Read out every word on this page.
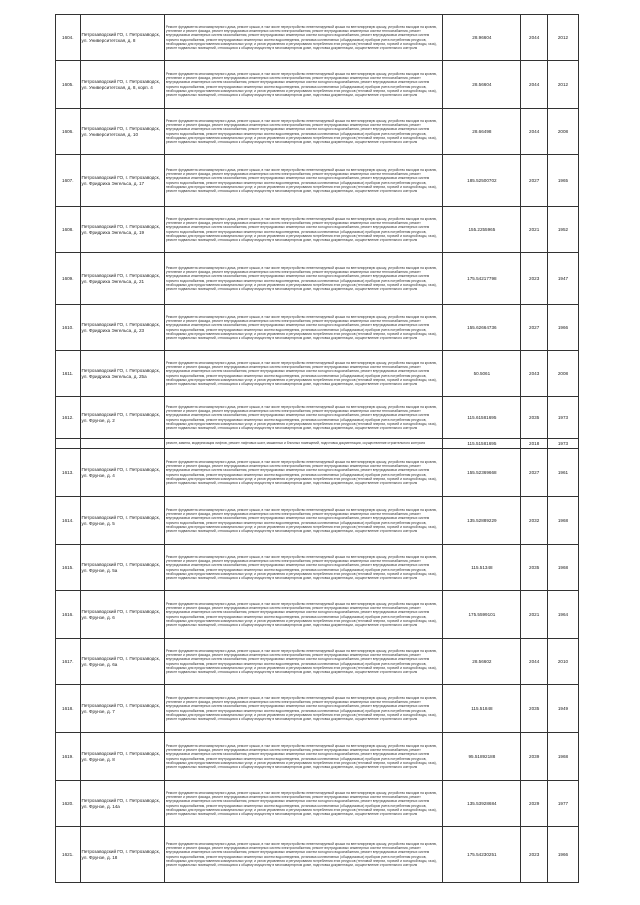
1604.	Петрозаводский ГО, г. Петрозаводск, ул. Университетская, д. 8	Ремонт фундамента многоквартирного дома, ремонт крыши, в том числе переустройство невентилируемой крыши на вентилируемую крышу, устройство выходов на кровлю, утепление и ремонт фасада, ремонт внутридомовых инженерных систем электроснабжения, ремонт внутридомовых инженерных систем теплоснабжения, ремонт внутридомовых инженерных систем газоснабжения, ремонт внутридомовых инженерных систем холодного водоснабжения, ремонт внутридомовых инженерных систем горячего водоснабжения, ремонт внутридомовых инженерных систем водоотведения, установка коллективных (общедомовых) приборов учета потребления ресурсов, необходимых для предоставления коммунальных услуг, и узлов управления и регулирования потребления этих ресурсов (тепловой энергии, горячей и холодной воды, газа), ремонт подвальных помещений, относящихся к общему имуществу в многоквартирном доме, подготовка документации, осуществление строительного контроля	28.96604	2044	2012
1605.	Петрозаводский ГО, г. Петрозаводск, ул. Университетская, д. 8, корп. 4	Ремонт фундамента многоквартирного дома, ремонт крыши, в том числе переустройство невентилируемой крыши на вентилируемую крышу, устройство выходов на кровлю, утепление и ремонт фасада, ремонт внутридомовых инженерных систем электроснабжения, ремонт внутридомовых инженерных систем теплоснабжения, ремонт внутридомовых инженерных систем газоснабжения, ремонт внутридомовых инженерных систем холодного водоснабжения, ремонт внутридомовых инженерных систем горячего водоснабжения, ремонт внутридомовых инженерных систем водоотведения, установка коллективных (общедомовых) приборов учета потребления ресурсов, необходимых для предоставления коммунальных услуг, и узлов управления и регулирования потребления этих ресурсов (тепловой энергии, горячей и холодной воды, газа), ремонт подвальных помещений, относящихся к общему имуществу в многоквартирном доме, подготовка документации, осуществление строительного контроля	28.56604	2044	2012
1606.	Петрозаводский ГО, г. Петрозаводск, ул. Университетская, д. 10	Ремонт фундамента многоквартирного дома, ремонт крыши, в том числе переустройство невентилируемой крыши на вентилируемую крышу, устройство выходов на кровлю, утепление и ремонт фасада, ремонт внутридомовых инженерных систем электроснабжения, ремонт внутридомовых инженерных систем теплоснабжения, ремонт внутридомовых инженерных систем газоснабжения, ремонт внутридомовых инженерных систем холодного водоснабжения, ремонт внутридомовых инженерных систем горячего водоснабжения, ремонт внутридомовых инженерных систем водоотведения, установка коллективных (общедомовых) приборов учета потребления ресурсов, необходимых для предоставления коммунальных услуг, и узлов управления и регулирования потребления этих ресурсов (тепловой энергии, горячей и холодной воды, газа), ремонт подвальных помещений, относящихся к общему имуществу в многоквартирном доме, подготовка документации, осуществление строительного контроля	28.66498	2044	2008
1607.	Петрозаводский ГО, г. Петрозаводск, ул. Фридриха Энгельса, д. 17	Ремонт фундамента многоквартирного дома, ремонт крыши, в том числе переустройство невентилируемой крыши на вентилируемую крышу, устройство выходов на кровлю, утепление и ремонт фасада, ремонт внутридомовых инженерных систем электроснабжения, ремонт внутридомовых инженерных систем теплоснабжения, ремонт внутридомовых инженерных систем газоснабжения, ремонт внутридомовых инженерных систем холодного водоснабжения, ремонт внутридомовых инженерных систем горячего водоснабжения, ремонт внутридомовых инженерных систем водоотведения, установка коллективных (общедомовых) приборов учета потребления ресурсов, необходимых для предоставления коммунальных услуг, и узлов управления и регулирования потребления этих ресурсов (тепловой энергии, горячей и холодной воды, газа), ремонт подвальных помещений, относящихся к общему имуществу в многоквартирном доме, подготовка документации, осуществление строительного контроля	185.52500702	2027	1965
1608.	Петрозаводский ГО, г. Петрозаводск, ул. Фридриха Энгельса, д. 19	Ремонт фундамента многоквартирного дома, ремонт крыши, в том числе переустройство невентилируемой крыши на вентилируемую крышу, устройство выходов на кровлю, утепление и ремонт фасада, ремонт внутридомовых инженерных систем электроснабжения, ремонт внутридомовых инженерных систем теплоснабжения, ремонт внутридомовых инженерных систем газоснабжения, ремонт внутридомовых инженерных систем холодного водоснабжения, ремонт внутридомовых инженерных систем горячего водоснабжения, ремонт внутридомовых инженерных систем водоотведения, установка коллективных (общедомовых) приборов учета потребления ресурсов, необходимых для предоставления коммунальных услуг, и узлов управления и регулирования потребления этих ресурсов (тепловой энергии, горячей и холодной воды, газа), ремонт подвальных помещений, относящихся к общему имуществу в многоквартирном доме, подготовка документации, осуществление строительного контроля	155.2255965	2021	1952
1609.	Петрозаводский ГО, г. Петрозаводск, ул. Фридриха Энгельса, д. 21	Ремонт фундамента многоквартирного дома, ремонт крыши, в том числе переустройство невентилируемой крыши на вентилируемую крышу, устройство выходов на кровлю, утепление и ремонт фасада, ремонт внутридомовых инженерных систем электроснабжения, ремонт внутридомовых инженерных систем теплоснабжения, ремонт внутридомовых инженерных систем газоснабжения, ремонт внутридомовых инженерных систем холодного водоснабжения, ремонт внутридомовых инженерных систем горячего водоснабжения, ремонт внутридомовых инженерных систем водоотведения, установка коллективных (общедомовых) приборов учета потребления ресурсов, необходимых для предоставления коммунальных услуг, и узлов управления и регулирования потребления этих ресурсов (тепловой энергии, горячей и холодной воды, газа), ремонт подвальных помещений, относящихся к общему имуществу в многоквартирном доме, подготовка документации, осуществление строительного контроля	175.54217798	2023	1947
1610.	Петрозаводский ГО, г. Петрозаводск, ул. Фридриха Энгельса, д. 23	Ремонт фундамента многоквартирного дома, ремонт крыши, в том числе переустройство невентилируемой крыши на вентилируемую крышу, устройство выходов на кровлю, утепление и ремонт фасада, ремонт внутридомовых инженерных систем электроснабжения, ремонт внутридомовых инженерных систем теплоснабжения, ремонт внутридомовых инженерных систем газоснабжения, ремонт внутридомовых инженерных систем холодного водоснабжения, ремонт внутридомовых инженерных систем горячего водоснабжения, ремонт внутридомовых инженерных систем водоотведения, установка коллективных (общедомовых) приборов учета потребления ресурсов, необходимых для предоставления коммунальных услуг, и узлов управления и регулирования потребления этих ресурсов (тепловой энергии, горячей и холодной воды, газа), ремонт подвальных помещений, относящихся к общему имуществу в многоквартирном доме, подготовка документации, осуществление строительного контроля	155.62664736	2027	1966
1611.	Петрозаводский ГО, г. Петрозаводск, ул. Фридриха Энгельса, д. 25а	Ремонт фундамента многоквартирного дома, ремонт крыши, в том числе переустройство невентилируемой крыши на вентилируемую крышу, устройство выходов на кровлю, утепление и ремонт фасада, ремонт внутридомовых инженерных систем электроснабжения, ремонт внутридомовых инженерных систем теплоснабжения, ремонт внутридомовых инженерных систем газоснабжения, ремонт внутридомовых инженерных систем холодного водоснабжения, ремонт внутридомовых инженерных систем горячего водоснабжения, ремонт внутридомовых инженерных систем водоотведения, установка коллективных (общедомовых) приборов учета потребления ресурсов, необходимых для предоставления коммунальных услуг, и узлов управления и регулирования потребления этих ресурсов (тепловой энергии, горячей и холодной воды, газа), ремонт подвальных помещений, относящихся к общему имуществу в многоквартирном доме, подготовка документации, осуществление строительного контроля	50.5061	2043	2008
1612.	Петрозаводский ГО, г. Петрозаводск, ул. Фрунзе, д. 2	Ремонт фундамента многоквартирного дома, ремонт крыши, в том числе переустройство невентилируемой крыши на вентилируемую крышу, устройство выходов на кровлю, утепление и ремонт фасада, ремонт внутридомовых инженерных систем электроснабжения, ремонт внутридомовых инженерных систем теплоснабжения, ремонт внутридомовых инженерных систем газоснабжения, ремонт внутридомовых инженерных систем холодного водоснабжения, ремонт внутридомовых инженерных систем горячего водоснабжения, ремонт внутридомовых инженерных систем водоотведения, установка коллективных (общедомовых) приборов учета потребления ресурсов, необходимых для предоставления коммунальных услуг, и узлов управления и регулирования потребления этих ресурсов (тепловой энергии, горячей и холодной воды, газа), ремонт подвальных помещений, относящихся к общему имуществу в многоквартирном доме, подготовка документации, осуществление строительного контроля	115.61581695	2035	1973

		ремонт, замена, модернизация лифтов, ремонт лифтовых шахт, машинных и блочных помещений, подготовка документации, осуществление строительного контроля	115.51581695	2018	1973
1613.	Петрозаводский ГО, г. Петрозаводск, ул. Фрунзе, д. 4	Ремонт фундамента многоквартирного дома, ремонт крыши, в том числе переустройство невентилируемой крыши на вентилируемую крышу, устройство выходов на кровлю, утепление и ремонт фасада, ремонт внутридомовых инженерных систем электроснабжения, ремонт внутридомовых инженерных систем теплоснабжения, ремонт внутридомовых инженерных систем газоснабжения, ремонт внутридомовых инженерных систем холодного водоснабжения, ремонт внутридомовых инженерных систем горячего водоснабжения, ремонт внутридомовых инженерных систем водоотведения, установка коллективных (общедомовых) приборов учета потребления ресурсов, необходимых для предоставления коммунальных услуг, и узлов управления и регулирования потребления этих ресурсов (тепловой энергии, горячей и холодной воды, газа), ремонт подвальных помещений, относящихся к общему имуществу в многоквартирном доме, подготовка документации, осуществление строительного контроля	155.52369668	2027	1961
1614.	Петрозаводский ГО, г. Петрозаводск, ул. Фрунзе, д. 5	Ремонт фундамента многоквартирного дома, ремонт крыши, в том числе переустройство невентилируемой крыши на вентилируемую крышу, устройство выходов на кровлю, утепление и ремонт фасада, ремонт внутридомовых инженерных систем электроснабжения, ремонт внутридомовых инженерных систем теплоснабжения, ремонт внутридомовых инженерных систем газоснабжения, ремонт внутридомовых инженерных систем холодного водоснабжения, ремонт внутридомовых инженерных систем горячего водоснабжения, ремонт внутридомовых инженерных систем водоотведения, установка коллективных (общедомовых) приборов учета потребления ресурсов, необходимых для предоставления коммунальных услуг, и узлов управления и регулирования потребления этих ресурсов (тепловой энергии, горячей и холодной воды, газа), ремонт подвальных помещений, относящихся к общему имуществу в многоквартирном доме, подготовка документации, осуществление строительного контроля	135.52889229	2032	1968
1615.	Петрозаводский ГО, г. Петрозаводск, ул. Фрунзе, д. 5а	Ремонт фундамента многоквартирного дома, ремонт крыши, в том числе переустройство невентилируемой крыши на вентилируемую крышу, устройство выходов на кровлю, утепление и ремонт фасада, ремонт внутридомовых инженерных систем электроснабжения, ремонт внутридомовых инженерных систем теплоснабжения, ремонт внутридомовых инженерных систем газоснабжения, ремонт внутридомовых инженерных систем холодного водоснабжения, ремонт внутридомовых инженерных систем горячего водоснабжения, ремонт внутридомовых инженерных систем водоотведения, установка коллективных (общедомовых) приборов учета потребления ресурсов, необходимых для предоставления коммунальных услуг, и узлов управления и регулирования потребления этих ресурсов (тепловой энергии, горячей и холодной воды, газа), ремонт подвальных помещений, относящихся к общему имуществу в многоквартирном доме, подготовка документации, осуществление строительного контроля	115.51348	2035	1968
1616.	Петрозаводский ГО, г. Петрозаводск, ул. Фрунзе, д. 6	Ремонт фундамента многоквартирного дома, ремонт крыши, в том числе переустройство невентилируемой крыши на вентилируемую крышу, устройство выходов на кровлю, утепление и ремонт фасада, ремонт внутридомовых инженерных систем электроснабжения, ремонт внутридомовых инженерных систем теплоснабжения, ремонт внутридомовых инженерных систем газоснабжения, ремонт внутридомовых инженерных систем холодного водоснабжения, ремонт внутридомовых инженерных систем горячего водоснабжения, ремонт внутридомовых инженерных систем водоотведения, установка коллективных (общедомовых) приборов учета потребления ресурсов, необходимых для предоставления коммунальных услуг, и узлов управления и регулирования потребления этих ресурсов (тепловой энергии, горячей и холодной воды, газа), ремонт подвальных помещений, относящихся к общему имуществу в многоквартирном доме, подготовка документации, осуществление строительного контроля	175.5599101	2021	1964
1617.	Петрозаводский ГО, г. Петрозаводск, ул. Фрунзе, д. 6а	Ремонт фундамента многоквартирного дома, ремонт крыши, в том числе переустройство невентилируемой крыши на вентилируемую крышу, устройство выходов на кровлю, утепление и ремонт фасада, ремонт внутридомовых инженерных систем электроснабжения, ремонт внутридомовых инженерных систем теплоснабжения, ремонт внутридомовых инженерных систем газоснабжения, ремонт внутридомовых инженерных систем холодного водоснабжения, ремонт внутридомовых инженерных систем горячего водоснабжения, ремонт внутридомовых инженерных систем водоотведения, установка коллективных (общедомовых) приборов учета потребления ресурсов, необходимых для предоставления коммунальных услуг, и узлов управления и регулирования потребления этих ресурсов (тепловой энергии, горячей и холодной воды, газа), ремонт подвальных помещений, относящихся к общему имуществу в многоквартирном доме, подготовка документации, осуществление строительного контроля	28.56602	2044	2010
1618.	Петрозаводский ГО, г. Петрозаводск, ул. Фрунзе, д. 7	Ремонт фундамента многоквартирного дома, ремонт крыши, в том числе переустройство невентилируемой крыши на вентилируемую крышу, устройство выходов на кровлю, утепление и ремонт фасада, ремонт внутридомовых инженерных систем электроснабжения, ремонт внутридомовых инженерных систем теплоснабжения, ремонт внутридомовых инженерных систем газоснабжения, ремонт внутридомовых инженерных систем холодного водоснабжения, ремонт внутридомовых инженерных систем горячего водоснабжения, ремонт внутридомовых инженерных систем водоотведения, установка коллективных (общедомовых) приборов учета потребления ресурсов, необходимых для предоставления коммунальных услуг, и узлов управления и регулирования потребления этих ресурсов (тепловой энергии, горячей и холодной воды, газа), ремонт подвальных помещений, относящихся к общему имуществу в многоквартирном доме, подготовка документации, осуществление строительного контроля	115.51848	2035	1949
1619.	Петрозаводский ГО, г. Петрозаводск, ул. Фрунзе, д. 8	Ремонт фундамента многоквартирного дома, ремонт крыши, в том числе переустройство невентилируемой крыши на вентилируемую крышу, устройство выходов на кровлю, утепление и ремонт фасада, ремонт внутридомовых инженерных систем электроснабжения, ремонт внутридомовых инженерных систем теплоснабжения, ремонт внутридомовых инженерных систем газоснабжения, ремонт внутридомовых инженерных систем холодного водоснабжения, ремонт внутридомовых инженерных систем горячего водоснабжения, ремонт внутридомовых инженерных систем водоотведения, установка коллективных (общедомовых) приборов учета потребления ресурсов, необходимых для предоставления коммунальных услуг, и узлов управления и регулирования потребления этих ресурсов (тепловой энергии, горячей и холодной воды, газа), ремонт подвальных помещений, относящихся к общему имуществу в многоквартирном доме, подготовка документации, осуществление строительного контроля	95.51892188	2039	1968
1620.	Петрозаводский ГО, г. Петрозаводск, ул. Фрунзе, д. 14а	Ремонт фундамента многоквартирного дома, ремонт крыши, в том числе переустройство невентилируемой крыши на вентилируемую крышу, устройство выходов на кровлю, утепление и ремонт фасада, ремонт внутридомовых инженерных систем электроснабжения, ремонт внутридомовых инженерных систем теплоснабжения, ремонт внутридомовых инженерных систем газоснабжения, ремонт внутридомовых инженерных систем холодного водоснабжения, ремонт внутридомовых инженерных систем горячего водоснабжения, ремонт внутридомовых инженерных систем водоотведения, установка коллективных (общедомовых) приборов учета потребления ресурсов, необходимых для предоставления коммунальных услуг, и узлов управления и регулирования потребления этих ресурсов (тепловой энергии, горячей и холодной воды, газа), ремонт подвальных помещений, относящихся к общему имуществу в многоквартирном доме, подготовка документации, осуществление строительного контроля	135.53928684	2029	1977
1621.	Петрозаводский ГО, г. Петрозаводск, ул. Фрунзе, д. 18	Ремонт фундамента многоквартирного дома, ремонт крыши, в том числе переустройство невентилируемой крыши на вентилируемую крышу, устройство выходов на кровлю, утепление и ремонт фасада, ремонт внутридомовых инженерных систем электроснабжения, ремонт внутридомовых инженерных систем теплоснабжения, ремонт внутридомовых инженерных систем газоснабжения, ремонт внутридомовых инженерных систем холодного водоснабжения, ремонт внутридомовых инженерных систем горячего водоснабжения, ремонт внутридомовых инженерных систем водоотведения, установка коллективных (общедомовых) приборов учета потребления ресурсов, необходимых для предоставления коммунальных услуг, и узлов управления и регулирования потребления этих ресурсов (тепловой энергии, горячей и холодной воды, газа), ремонт подвальных помещений, относящихся к общему имуществу в многоквартирном доме, подготовка документации, осуществление строительного контроля	175.54230251	2023	1966
